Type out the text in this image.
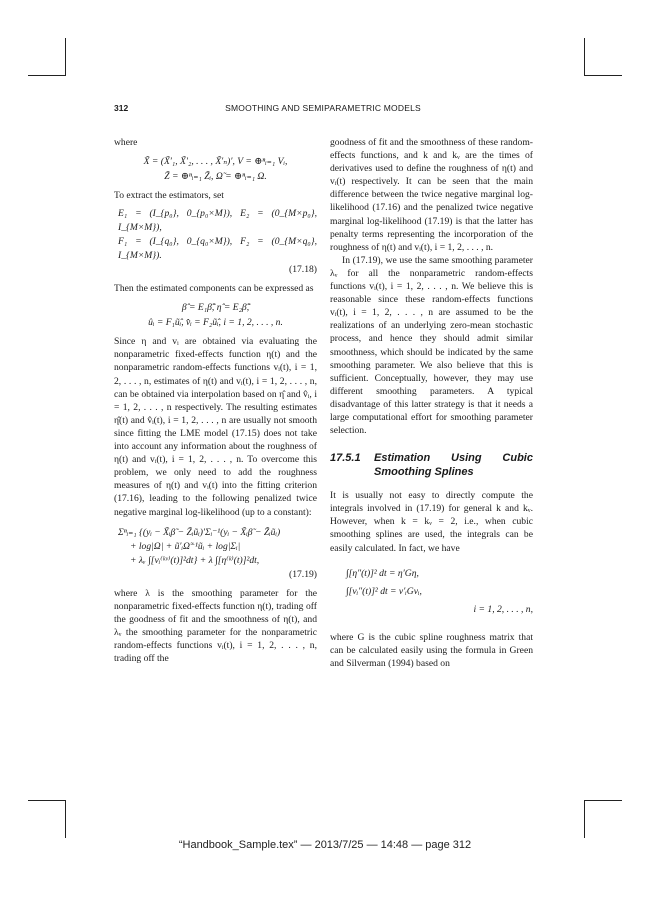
312	SMOOTHING AND SEMIPARAMETRIC MODELS

where

X̃ = (X̃′₁, X̃′₂, . . . , X̃′ₙ)′, V = ⊕ⁿᵢ₌₁ Vᵢ,
Z̃ = ⊕ⁿᵢ₌₁ Z̃ᵢ, Ω̃ = ⊕ⁿᵢ₌₁ Ω.

To extract the estimators, set

E₁ = (I_{p₀}, 0_{p₀×M}), E₂ = (0_{M×p₀}, I_{M×M}),
F₁ = (I_{q₀}, 0_{q₀×M}), F₂ = (0_{M×q₀}, I_{M×M}).
(17.18)

Then the estimated components can be expressed as

β̂ = E₁β̂̃, η̂ = E₂β̂̃,
ûᵢ = F₁ũ̂ᵢ, v̂ᵢ = F₂ũ̂ᵢ, i = 1, 2, . . . , n.

Since η and vᵢ are obtained via evaluating the nonparametric fixed-effects function η(t) and the nonparametric random-effects functions vᵢ(t), i = 1, 2, . . . , n, estimates of η(t) and vᵢ(t), i = 1, 2, . . . , n, can be obtained via interpolation based on η̂ and v̂ᵢ, i = 1, 2, . . . , n respectively. The resulting estimates η̂(t) and v̂ᵢ(t), i = 1, 2, . . . , n are usually not smooth since fitting the LME model (17.15) does not take into account any information about the roughness of η(t) and vᵢ(t), i = 1, 2, . . . , n. To overcome this problem, we only need to add the roughness measures of η(t) and vᵢ(t) into the fitting criterion (17.16), leading to the following penalized twice negative marginal log-likelihood (up to a constant):

Σⁿᵢ₌₁ {(yᵢ − X̃ᵢβ̃ − Z̃ᵢũᵢ)′Σᵢ⁻¹(yᵢ − X̃ᵢβ̃ − Z̃ᵢũᵢ)
+ log|Ω| + ũ′ᵢΩ̃⁻¹ũᵢ + log|Σᵢ|
+ λᵥ ∫[vᵢ⁽ᵏᵛ⁾(t)]²dt} + λ ∫[η⁽ᵏ⁾(t)]²dt,
(17.19)

where λ is the smoothing parameter for the nonparametric fixed-effects function η(t), trading off the goodness of fit and the smoothness of η(t), and λᵥ the smoothing parameter for the nonparametric random-effects functions vᵢ(t), i = 1, 2, . . . , n, trading off the

goodness of fit and the smoothness of these random-effects functions, and k and kᵥ are the times of derivatives used to define the roughness of η(t) and vᵢ(t) respectively. It can be seen that the main difference between the twice negative marginal log-likelihood (17.16) and the penalized twice negative marginal log-likelihood (17.19) is that the latter has penalty terms representing the incorporation of the roughness of η(t) and vᵢ(t), i = 1, 2, . . . , n.

In (17.19), we use the same smoothing parameter λᵥ for all the nonparametric random-effects functions vᵢ(t), i = 1, 2, . . . , n. We believe this is reasonable since these random-effects functions vᵢ(t), i = 1, 2, . . . , n are assumed to be the realizations of an underlying zero-mean stochastic process, and hence they should admit similar smoothness, which should be indicated by the same smoothing parameter. We also believe that this is sufficient. Conceptually, however, they may use different smoothing parameters. A typical disadvantage of this latter strategy is that it needs a large computational effort for smoothing parameter selection.

17.5.1	Estimation Using Cubic Smoothing Splines

It is usually not easy to directly compute the integrals involved in (17.19) for general k and kᵥ. However, when k = kᵥ = 2, i.e., when cubic smoothing splines are used, the integrals can be easily calculated. In fact, we have

∫[η″(t)]² dt = η′Gη,
∫[vᵢ″(t)]² dt = v′ᵢGvᵢ,
i = 1, 2, . . . , n,

where G is the cubic spline roughness matrix that can be calculated easily using the formula in Green and Silverman (1994) based on

“Handbook_Sample.tex” — 2013/7/25 — 14:48 — page 312
